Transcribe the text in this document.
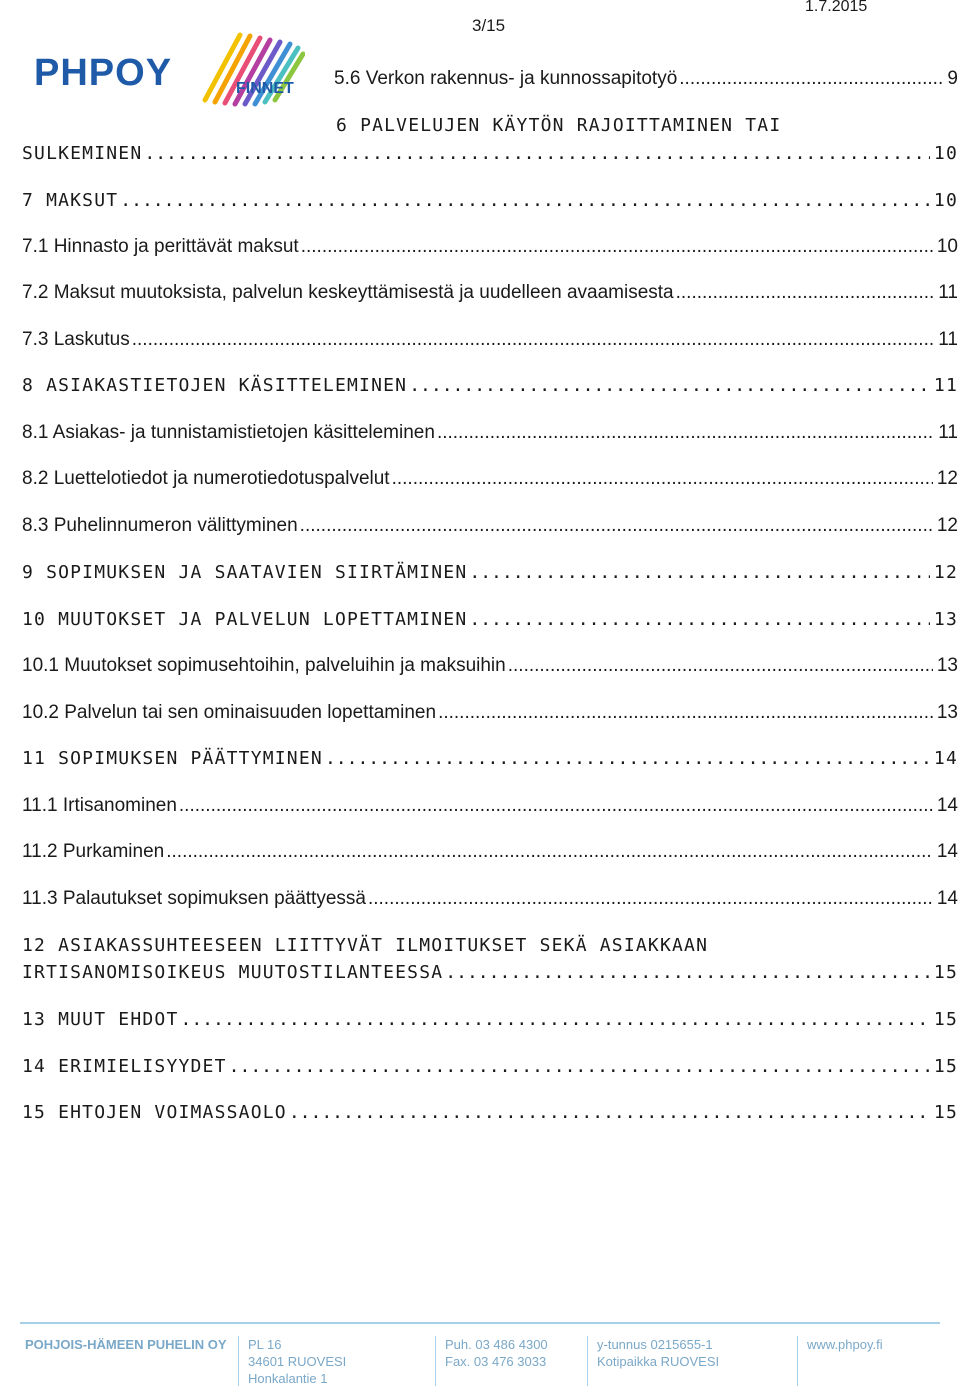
3/15
1.7.2015
PHPOY	FINNET 5.6 Verkon rakennus- ja kunnossapitotyö .....	9
6 PALVELUJEN KÄYTÖN RAJOITTAMINEN TAI
SULKEMINEN .....	10
7 MAKSUT .....	10
7.1 Hinnasto ja perittävät maksut .....	10
7.2 Maksut muutoksista, palvelun keskeyttämisestä ja uudelleen avaamisesta .....	11
7.3 Laskutus .....	11
8 ASIAKASTIETOJEN KÄSITTELEMINEN .....	11
8.1 Asiakas- ja tunnistamistietojen käsitteleminen .....	11
8.2 Luettelotiedot ja numerotiedotuspalvelut .....	12
8.3 Puhelinnumeron välittyminen .....	12
9 SOPIMUKSEN JA SAATAVIEN SIIRTÄMINEN .....	12
10 MUUTOKSET JA PALVELUN LOPETTAMINEN .....	13
10.1 Muutokset sopimusehtoihin, palveluihin ja maksuihin .....	13
10.2 Palvelun tai sen ominaisuuden lopettaminen .....	13
11 SOPIMUKSEN PÄÄTTYMINEN .....	14
11.1 Irtisanominen .....	14
11.2 Purkaminen .....	14
11.3 Palautukset sopimuksen päättyessä .....	14
12 ASIAKASSUHTEESEEN LIITTYVÄT ILMOITUKSET SEKÄ ASIAKKAAN
IRTISANOMISOIKEUS MUUTOSTILANTEESSA .....	15
13 MUUT EHDOT .....	15
14 ERIMIELISYYDET .....	15
15 EHTOJEN VOIMASSAOLO .....	15
POHJOIS-HÄMEEN PUHELIN OY PL 16
34601 RUOVESI
Honkalantie 1
Puh. 03 486 4300
Fax. 03 476 3033
y-tunnus 0215655-1
Kotipaikka RUOVESI
www.phpoy.fi
